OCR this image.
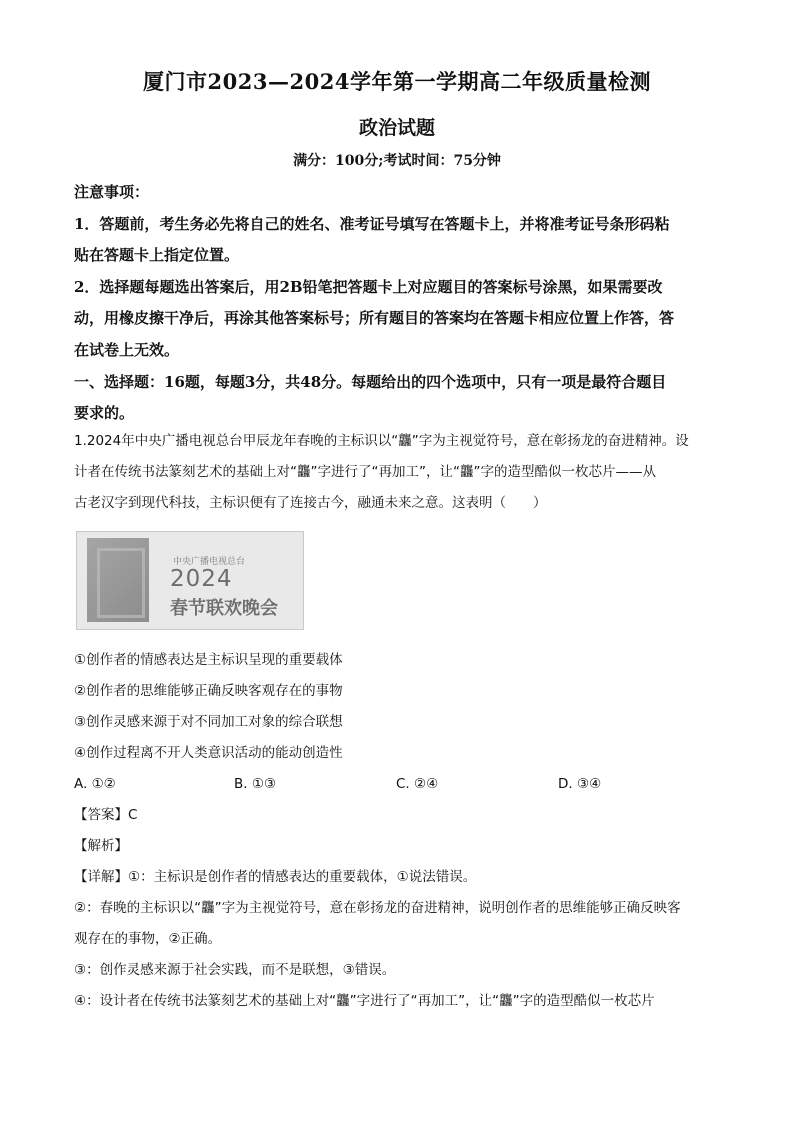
厦门市2023—2024学年第一学期高二年级质量检测
政治试题
满分：100分;考试时间：75分钟

注意事项：

1．答题前，考生务必先将自己的姓名、准考证号填写在答题卡上，并将准考证号条形码粘

贴在答题卡上指定位置。

2．选择题每题选出答案后，用2B铅笔把答题卡上对应题目的答案标号涂黑，如果需要改

动，用橡皮擦干净后，再涂其他答案标号；所有题目的答案均在答题卡相应位置上作答，答

在试卷上无效。

一、选择题：16题，每题3分，共48分。每题给出的四个选项中，只有一项是最符合题目

要求的。

1.2024年中央广播电视总台甲辰龙年春晚的主标识以“龘”字为主视觉符号，意在彰扬龙的奋进精神。设

计者在传统书法篆刻艺术的基础上对“龘”字进行了“再加工”，让“龘”字的造型酷似一枚芯片——从

古老汉字到现代科技，主标识便有了连接古今，融通未来之意。这表明（　　）

中央广播电视总台
2024
春节联欢晚会

①创作者的情感表达是主标识呈现的重要载体

②创作者的思维能够正确反映客观存在的事物

③创作灵感来源于对不同加工对象的综合联想

④创作过程离不开人类意识活动的能动创造性

A. ①②	B. ①③	C. ②④	D. ③④

【答案】C

【解析】

【详解】①：主标识是创作者的情感表达的重要载体，①说法错误。

②：春晚的主标识以“龘”字为主视觉符号，意在彰扬龙的奋进精神，说明创作者的思维能够正确反映客

观存在的事物，②正确。

③：创作灵感来源于社会实践，而不是联想，③错误。

④：设计者在传统书法篆刻艺术的基础上对“龘”字进行了“再加工”，让“龘”字的造型酷似一枚芯片
